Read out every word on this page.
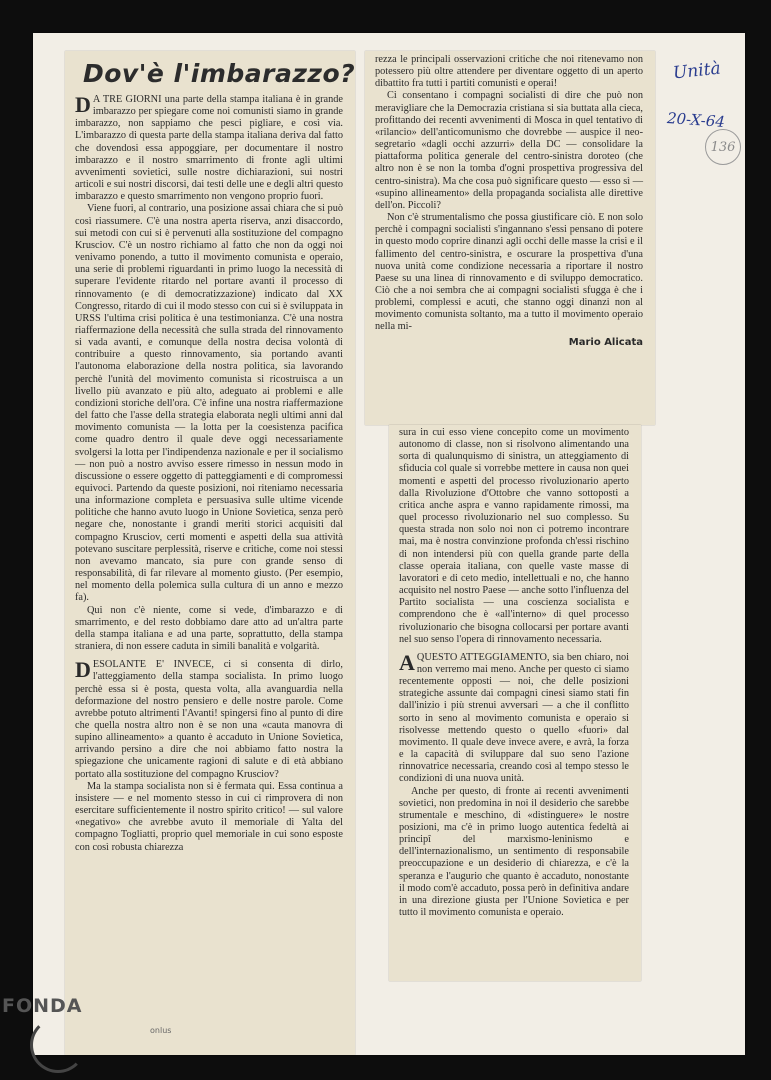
Dov'è l'imbarazzo?

D A TRE GIORNI una parte della stampa italiana è in grande imbarazzo per spiegare come noi comunisti siamo in grande imbarazzo, non sappiamo che pesci pigliare, e così via. L'imbarazzo di questa parte della stampa italiana deriva dal fatto che dovendosi essa appoggiare, per documentare il nostro imbarazzo e il nostro smarrimento di fronte agli ultimi avvenimenti sovietici, sulle nostre dichiarazioni, sui nostri articoli e sui nostri discorsi, dai testi delle une e degli altri questo imbarazzo e questo smarrimento non vengono proprio fuori.

Viene fuori, al contrario, una posizione assai chiara che si può così riassumere. C'è una nostra aperta riserva, anzi disaccordo, sui metodi con cui si è pervenuti alla sostituzione del compagno Krusciov. C'è un nostro richiamo al fatto che non da oggi noi venivamo ponendo, a tutto il movimento comunista e operaio, una serie di problemi riguardanti in primo luogo la necessità di superare l'evidente ritardo nel portare avanti il processo di rinnovamento (e di democratizzazione) indicato dal XX Congresso, ritardo di cui il modo stesso con cui si è sviluppata in URSS l'ultima crisi politica è una testimonianza. C'è una nostra riaffermazione della necessità che sulla strada del rinnovamento si vada avanti, e comunque della nostra decisa volontà di contribuire a questo rinnovamento, sia portando avanti l'autonoma elaborazione della nostra politica, sia lavorando perchè l'unità del movimento comunista si ricostruisca a un livello più avanzato e più alto, adeguato ai problemi e alle condizioni storiche dell'ora. C'è infine una nostra riaffermazione del fatto che l'asse della strategia elaborata negli ultimi anni dal movimento comunista — la lotta per la coesistenza pacifica come quadro dentro il quale deve oggi necessariamente svolgersi la lotta per l'indipendenza nazionale e per il socialismo — non può a nostro avviso essere rimesso in nessun modo in discussione o essere oggetto di patteggiamenti e di compromessi equivoci. Partendo da queste posizioni, noi riteniamo necessaria una informazione completa e persuasiva sulle ultime vicende politiche che hanno avuto luogo in Unione Sovietica, senza però negare che, nonostante i grandi meriti storici acquisiti dal compagno Krusciov, certi momenti e aspetti della sua attività potevano suscitare perplessità, riserve e critiche, come noi stessi non avevamo mancato, sia pure con grande senso di responsabilità, di far rilevare al momento giusto. (Per esempio, nel momento della polemica sulla cultura di un anno e mezzo fa).

Qui non c'è niente, come si vede, d'imbarazzo e di smarrimento, e del resto dobbiamo dare atto ad un'altra parte della stampa italiana e ad una parte, soprattutto, della stampa straniera, di non essere caduta in simili banalità e volgarità.

DESOLANTE E' INVECE, ci si consenta di dirlo, l'atteggiamento della stampa socialista. In primo luogo perchè essa si è posta, questa volta, alla avanguardia nella deformazione del nostro pensiero e delle nostre parole. Come avrebbe potuto altrimenti l'Avanti! spingersi fino al punto di dire che quella nostra altro non è se non una «cauta manovra di supino allineamento» a quanto è accaduto in Unione Sovietica, arrivando persino a dire che noi abbiamo fatto nostra la spiegazione che unicamente ragioni di salute e di età abbiano portato alla sostituzione del compagno Krusciov?

Ma la stampa socialista non si è fermata qui. Essa continua a insistere — e nel momento stesso in cui ci rimprovera di non esercitare sufficientemente il nostro spirito critico! — sul valore «negativo» che avrebbe avuto il memoriale di Yalta del compagno Togliatti, proprio quel memoriale in cui sono esposte con così robusta chiarezza

rezza le principali osservazioni critiche che noi ritenevamo non potessero più oltre attendere per diventare oggetto di un aperto dibattito fra tutti i partiti comunisti e operai!

Ci consentano i compagni socialisti di dire che può non meravigliare che la Democrazia cristiana si sia buttata alla cieca, profittando dei recenti avvenimenti di Mosca in quel tentativo di «rilancio» dell'anticomunismo che dovrebbe — auspice il neo-segretario «dagli occhi azzurri» della DC — consolidare la piattaforma politica generale del centro-sinistra doroteo (che altro non è se non la tomba d'ogni prospettiva progressiva del centro-sinistra). Ma che cosa può significare questo — esso sì — «supino allineamento» della propaganda socialista alle direttive dell'on. Piccoli?

Non c'è strumentalismo che possa giustificare ciò. E non solo perchè i compagni socialisti s'ingannano s'essi pensano di potere in questo modo coprire dinanzi agli occhi delle masse la crisi e il fallimento del centro-sinistra, e oscurare la prospettiva d'una nuova unità come condizione necessaria a riportare il nostro Paese su una linea di rinnovamento e di sviluppo democratico. Ciò che a noi sembra che ai compagni socialisti sfugga è che i problemi, complessi e acuti, che stanno oggi dinanzi non al movimento comunista soltanto, ma a tutto il movimento operaio nella mi-

Mario Alicata

sura in cui esso viene concepito come un movimento autonomo di classe, non si risolvono alimentando una sorta di qualunquismo di sinistra, un atteggiamento di sfiducia col quale si vorrebbe mettere in causa non quei momenti e aspetti del processo rivoluzionario aperto dalla Rivoluzione d'Ottobre che vanno sottoposti a critica anche aspra e vanno rapidamente rimossi, ma quel processo rivoluzionario nel suo complesso. Su questa strada non solo noi non ci potremo incontrare mai, ma è nostra convinzione profonda ch'essi rischino di non intendersi più con quella grande parte della classe operaia italiana, con quelle vaste masse di lavoratori e di ceto medio, intellettuali e no, che hanno acquisito nel nostro Paese — anche sotto l'influenza del Partito socialista — una coscienza socialista e comprendono che è «all'interno» di quel processo rivoluzionario che bisogna collocarsi per portare avanti nel suo senso l'opera di rinnovamento necessaria.

A QUESTO ATTEGGIAMENTO, sia ben chiaro, noi non verremo mai meno. Anche per questo ci siamo recentemente opposti — noi, che delle posizioni strategiche assunte dai compagni cinesi siamo stati fin dall'inizio i più strenui avversari — a che il conflitto sorto in seno al movimento comunista e operaio si risolvesse mettendo questo o quello «fuori» dal movimento. Il quale deve invece avere, e avrà, la forza e la capacità di sviluppare dal suo seno l'azione rinnovatrice necessaria, creando così al tempo stesso le condizioni di una nuova unità.

Anche per questo, di fronte ai recenti avvenimenti sovietici, non predomina in noi il desiderio che sarebbe strumentale e meschino, di «distinguere» le nostre posizioni, ma c'è in primo luogo autentica fedeltà ai principî del marxismo-leninismo e dell'internazionalismo, un sentimento di responsabile preoccupazione e un desiderio di chiarezza, e c'è la speranza e l'augurio che quanto è accaduto, nonostante il modo com'è accaduto, possa però in definitiva andare in una direzione giusta per l'Unione Sovietica e per tutto il movimento comunista e operaio.

Unità
20-X-64
136
FONDA
onlus
